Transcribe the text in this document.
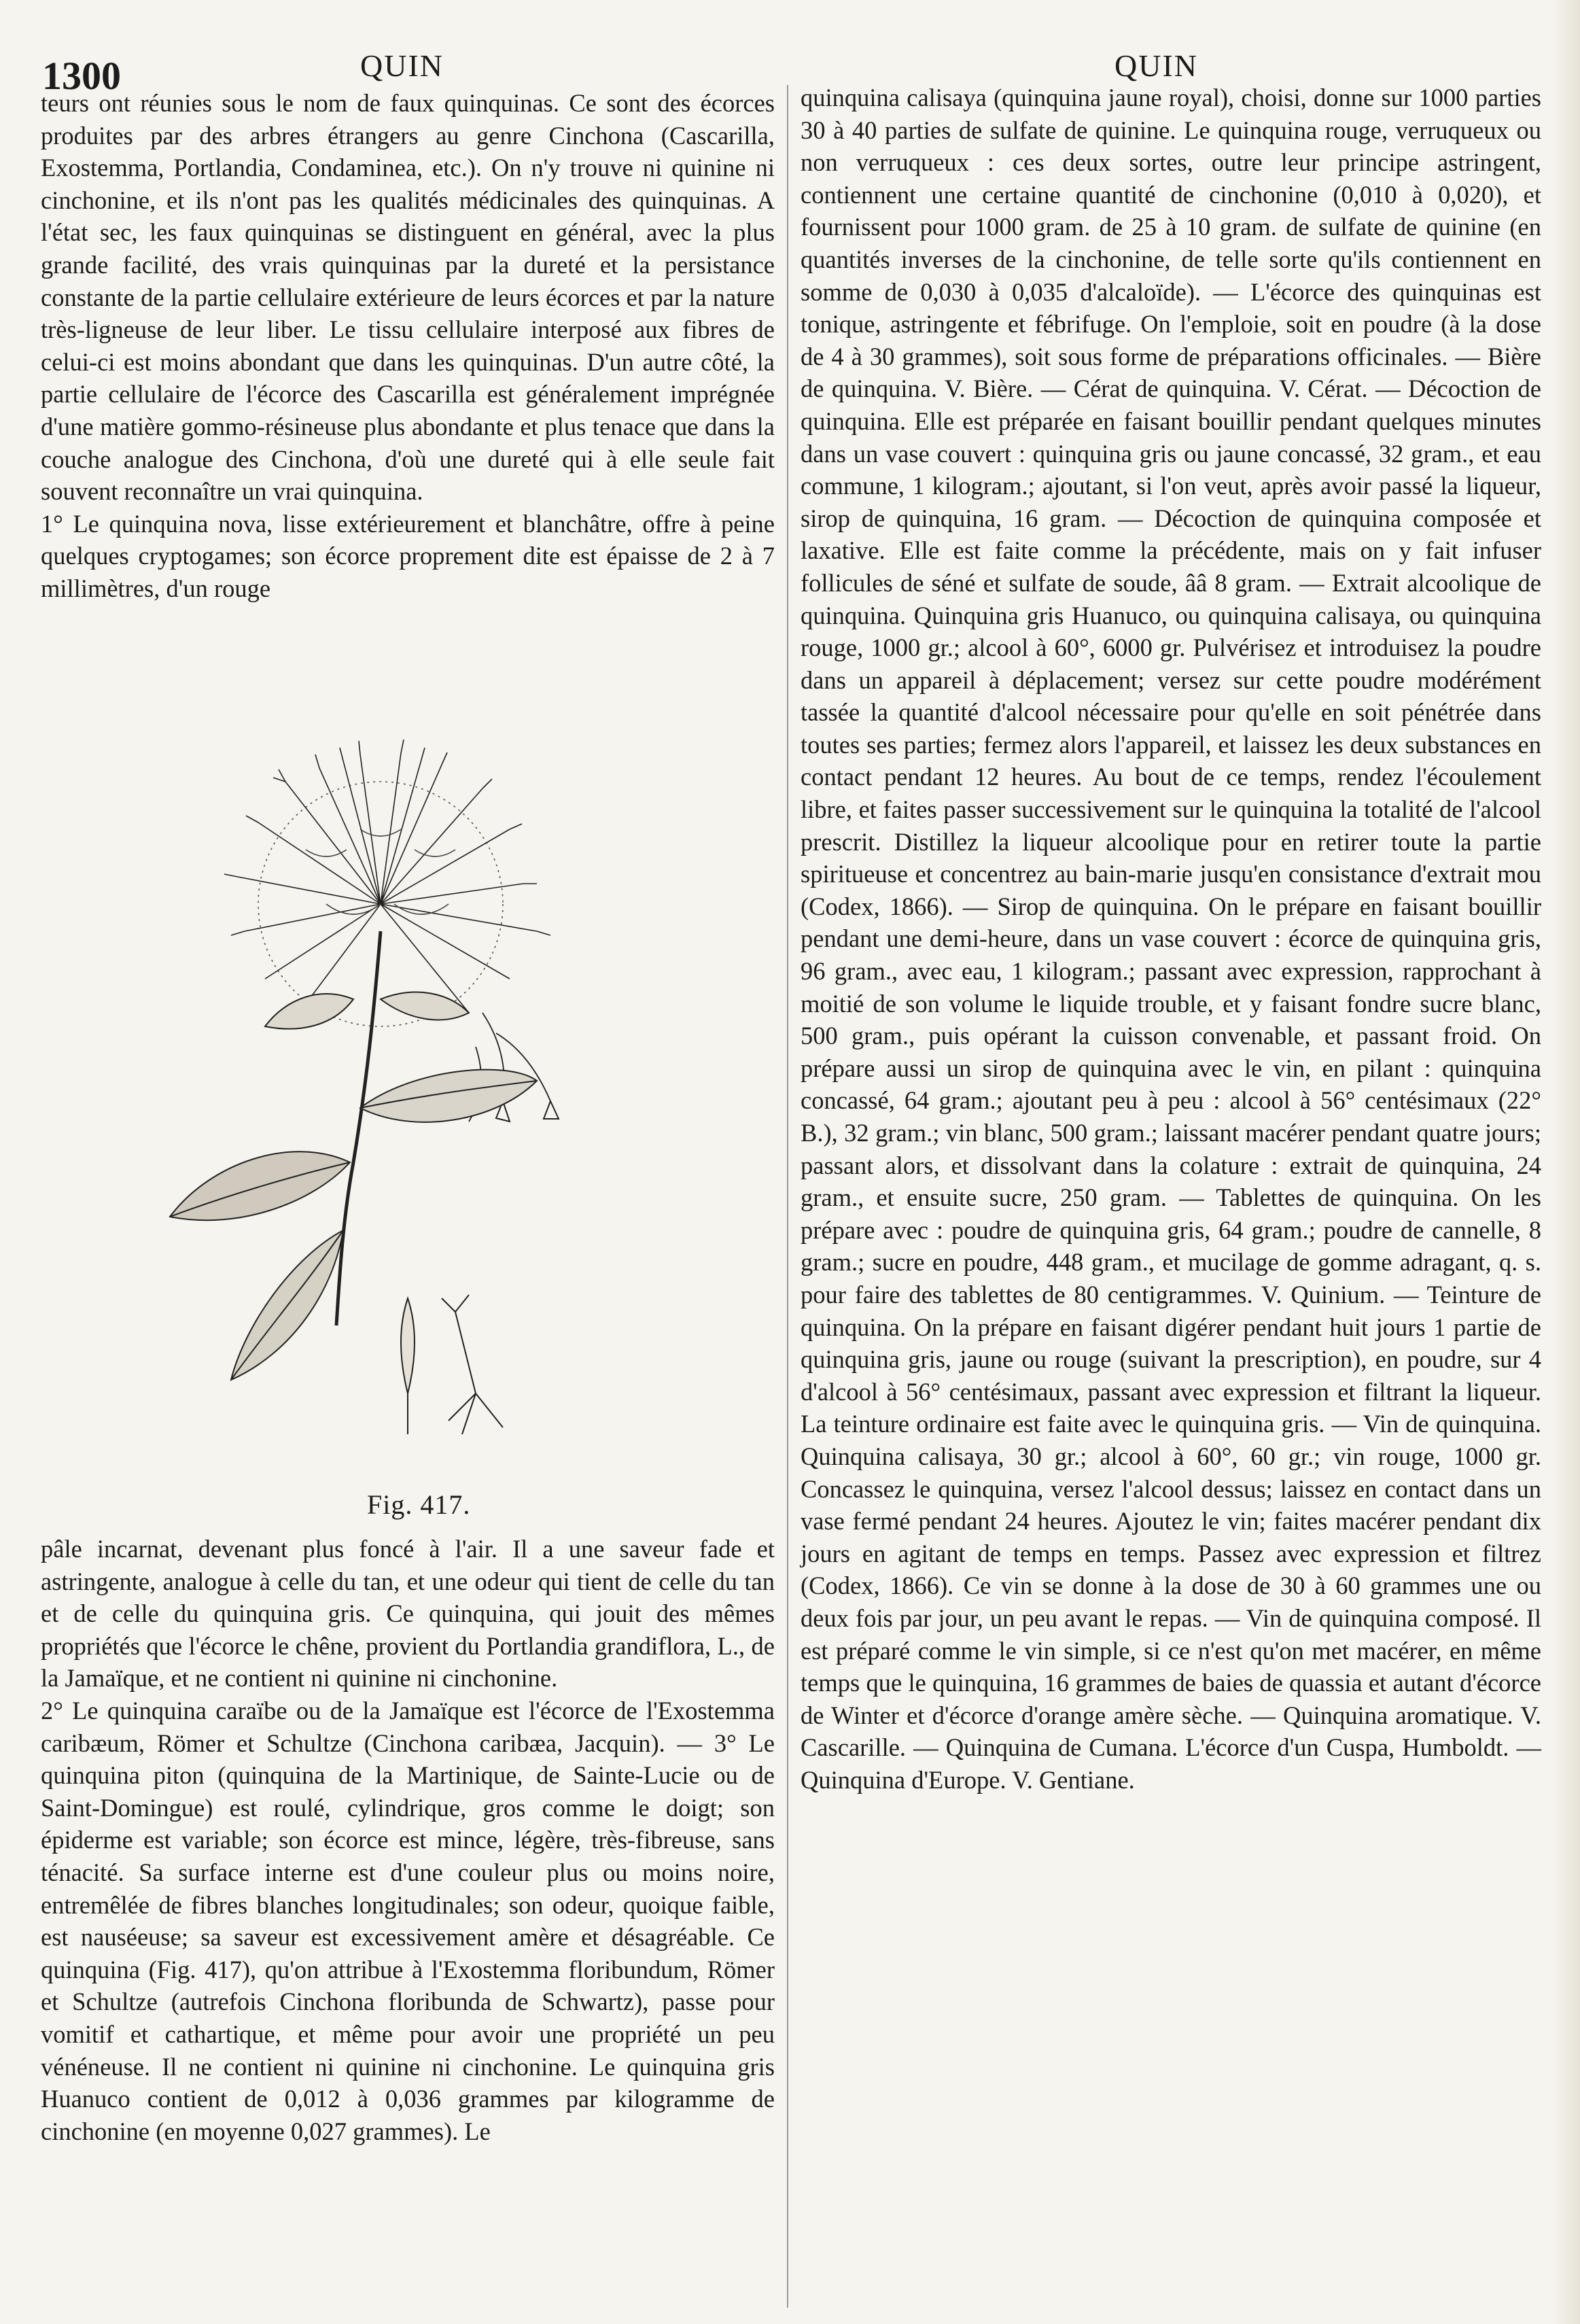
1300	QUIN	QUIN

teurs ont réunies sous le nom de faux quinquinas. Ce sont des écorces produites par des arbres étrangers au genre Cinchona (Cascarilla, Exostemma, Portlandia, Condaminea, etc.). On n'y trouve ni quinine ni cinchonine, et ils n'ont pas les qualités médicinales des quinquinas. A l'état sec, les faux quinquinas se distinguent en général, avec la plus grande facilité, des vrais quinquinas par la dureté et la persistance constante de la partie cellulaire extérieure de leurs écorces et par la nature très-ligneuse de leur liber. Le tissu cellulaire interposé aux fibres de celui-ci est moins abondant que dans les quinquinas. D'un autre côté, la partie cellulaire de l'écorce des Cascarilla est généralement imprégnée d'une matière gommo-résineuse plus abondante et plus tenace que dans la couche analogue des Cinchona, d'où une dureté qui à elle seule fait souvent reconnaître un vrai quinquina.

1° Le quinquina nova, lisse extérieurement et blanchâtre, offre à peine quelques cryptogames; son écorce proprement dite est épaisse de 2 à 7 millimètres, d'un rouge

Fig. 417.

pâle incarnat, devenant plus foncé à l'air. Il a une saveur fade et astringente, analogue à celle du tan, et une odeur qui tient de celle du tan et de celle du quinquina gris. Ce quinquina, qui jouit des mêmes propriétés que l'écorce le chêne, provient du Portlandia grandiflora, L., de la Jamaïque, et ne contient ni quinine ni cinchonine.

2° Le quinquina caraïbe ou de la Jamaïque est l'écorce de l'Exostemma caribæum, Römer et Schultze (Cinchona caribæa, Jacquin). — 3° Le quinquina piton (quinquina de la Martinique, de Sainte-Lucie ou de Saint-Domingue) est roulé, cylindrique, gros comme le doigt; son épiderme est variable; son écorce est mince, légère, très-fibreuse, sans ténacité. Sa surface interne est d'une couleur plus ou moins noire, entremêlée de fibres blanches longitudinales; son odeur, quoique faible, est nauséeuse; sa saveur est excessivement amère et désagréable. Ce quinquina (Fig. 417), qu'on attribue à l'Exostemma floribundum, Römer et Schultze (autrefois Cinchona floribunda de Schwartz), passe pour vomitif et cathartique, et même pour avoir une propriété un peu vénéneuse. Il ne contient ni quinine ni cinchonine. Le quinquina gris Huanuco contient de 0,012 à 0,036 grammes par kilogramme de cinchonine (en moyenne 0,027 grammes). Le

quinquina calisaya (quinquina jaune royal), choisi, donne sur 1000 parties 30 à 40 parties de sulfate de quinine. Le quinquina rouge, verruqueux ou non verruqueux : ces deux sortes, outre leur principe astringent, contiennent une certaine quantité de cinchonine (0,010 à 0,020), et fournissent pour 1000 gram. de 25 à 10 gram. de sulfate de quinine (en quantités inverses de la cinchonine, de telle sorte qu'ils contiennent en somme de 0,030 à 0,035 d'alcaloïde). — L'écorce des quinquinas est tonique, astringente et fébrifuge. On l'emploie, soit en poudre (à la dose de 4 à 30 grammes), soit sous forme de préparations officinales. — Bière de quinquina. V. Bière. — Cérat de quinquina. V. Cérat. — Décoction de quinquina. Elle est préparée en faisant bouillir pendant quelques minutes dans un vase couvert : quinquina gris ou jaune concassé, 32 gram., et eau commune, 1 kilogram.; ajoutant, si l'on veut, après avoir passé la liqueur, sirop de quinquina, 16 gram. — Décoction de quinquina composée et laxative. Elle est faite comme la précédente, mais on y fait infuser follicules de séné et sulfate de soude, ââ 8 gram. — Extrait alcoolique de quinquina. Quinquina gris Huanuco, ou quinquina calisaya, ou quinquina rouge, 1000 gr.; alcool à 60°, 6000 gr. Pulvérisez et introduisez la poudre dans un appareil à déplacement; versez sur cette poudre modérément tassée la quantité d'alcool nécessaire pour qu'elle en soit pénétrée dans toutes ses parties; fermez alors l'appareil, et laissez les deux substances en contact pendant 12 heures. Au bout de ce temps, rendez l'écoulement libre, et faites passer successivement sur le quinquina la totalité de l'alcool prescrit. Distillez la liqueur alcoolique pour en retirer toute la partie spiritueuse et concentrez au bain-marie jusqu'en consistance d'extrait mou (Codex, 1866). — Sirop de quinquina. On le prépare en faisant bouillir pendant une demi-heure, dans un vase couvert : écorce de quinquina gris, 96 gram., avec eau, 1 kilogram.; passant avec expression, rapprochant à moitié de son volume le liquide trouble, et y faisant fondre sucre blanc, 500 gram., puis opérant la cuisson convenable, et passant froid. On prépare aussi un sirop de quinquina avec le vin, en pilant : quinquina concassé, 64 gram.; ajoutant peu à peu : alcool à 56° centésimaux (22° B.), 32 gram.; vin blanc, 500 gram.; laissant macérer pendant quatre jours; passant alors, et dissolvant dans la colature : extrait de quinquina, 24 gram., et ensuite sucre, 250 gram. — Tablettes de quinquina. On les prépare avec : poudre de quinquina gris, 64 gram.; poudre de cannelle, 8 gram.; sucre en poudre, 448 gram., et mucilage de gomme adragant, q. s. pour faire des tablettes de 80 centigrammes. V. Quinium. — Teinture de quinquina. On la prépare en faisant digérer pendant huit jours 1 partie de quinquina gris, jaune ou rouge (suivant la prescription), en poudre, sur 4 d'alcool à 56° centésimaux, passant avec expression et filtrant la liqueur. La teinture ordinaire est faite avec le quinquina gris. — Vin de quinquina. Quinquina calisaya, 30 gr.; alcool à 60°, 60 gr.; vin rouge, 1000 gr. Concassez le quinquina, versez l'alcool dessus; laissez en contact dans un vase fermé pendant 24 heures. Ajoutez le vin; faites macérer pendant dix jours en agitant de temps en temps. Passez avec expression et filtrez (Codex, 1866). Ce vin se donne à la dose de 30 à 60 grammes une ou deux fois par jour, un peu avant le repas. — Vin de quinquina composé. Il est préparé comme le vin simple, si ce n'est qu'on met macérer, en même temps que le quinquina, 16 grammes de baies de quassia et autant d'écorce de Winter et d'écorce d'orange amère sèche. — Quinquina aromatique. V. Cascarille. — Quinquina de Cumana. L'écorce d'un Cuspa, Humboldt. — Quinquina d'Europe. V. Gentiane.
